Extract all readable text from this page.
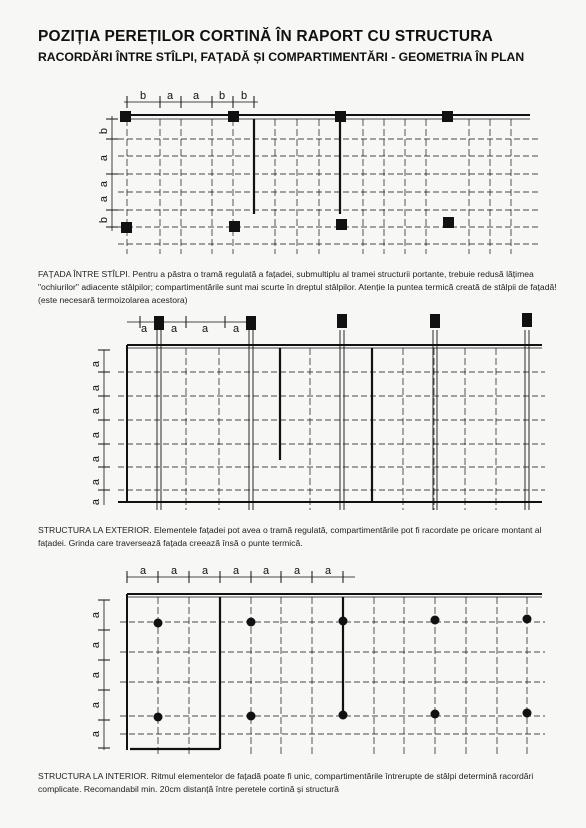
POZIȚIA PEREȚILOR CORTINĂ ÎN RAPORT CU STRUCTURA
RACORDĂRI ÎNTRE STÎLPI, FAȚADĂ ȘI COMPARTIMENTĂRI - GEOMETRIA ÎN PLAN
b a a b b
b
a
a
a
b
FAȚADA ÎNTRE STÎLPI. Pentru a păstra o tramă regulată a fațadei, submultiplu al tramei structurii portante, trebuie redusă lățimea "ochiurilor" adiacente stâlpilor; compartimentările sunt mai scurte în dreptul stâlpilor. Atenție la puntea termică creată de stâlpii de fațadă! (este necesară termoizolarea acestora)
a a a a
a
a
a
a
a
a
a
STRUCTURA LA EXTERIOR. Elementele fațadei pot avea o tramă regulată, compartimentările pot fi racordate pe oricare montant al fațadei. Grinda care traversează fațada creează însă o punte termică.
a a a a a a a
a
a
a
a
a
STRUCTURA LA INTERIOR. Ritmul elementelor de fațadă poate fi unic, compartimentările întrerupte de stâlpi determină racordări complicate. Recomandabil min. 20cm distanță între peretele cortină și structură
